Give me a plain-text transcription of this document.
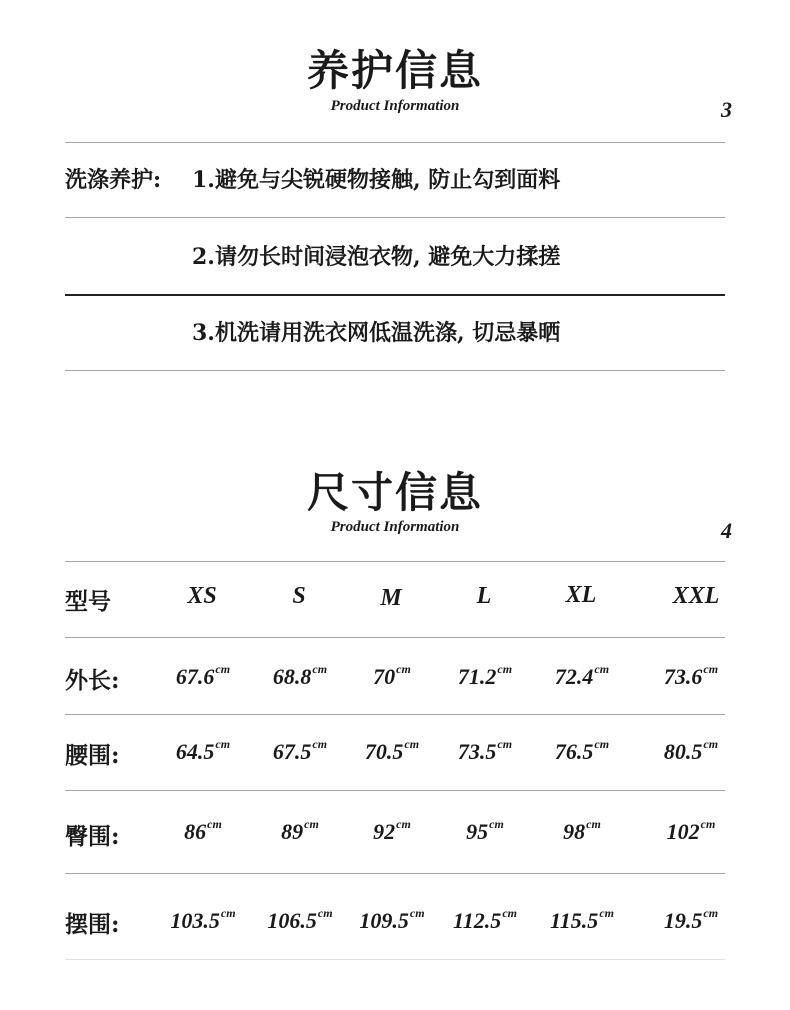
养护信息
Product Information	3
洗涤养护: 1.避免与尖锐硬物接触, 防止勾到面料
2.请勿长时间浸泡衣物, 避免大力揉搓
3.机洗请用洗衣网低温洗涤, 切忌暴晒
尺寸信息
Product Information	4
型号	XS	S	M	L	XL	XXL
外长:	$67.6^{cm}$	$68.8^{cm}$	$70^{cm}$	$71.2^{cm}$	$72.4^{cm}$	$73.6^{cm}$
腰围:	$64.5^{cm}$	$67.5^{cm}$	$70.5^{cm}$	$73.5^{cm}$	$76.5^{cm}$	$80.5^{cm}$
臀围:	$86^{cm}$	$89^{cm}$	$92^{cm}$	$95^{cm}$	$98^{cm}$	$102^{cm}$
摆围:	$103.5^{cm}$	$106.5^{cm}$	$109.5^{cm}$	$112.5^{cm}$	$115.5^{cm}$	$19.5^{cm}$
